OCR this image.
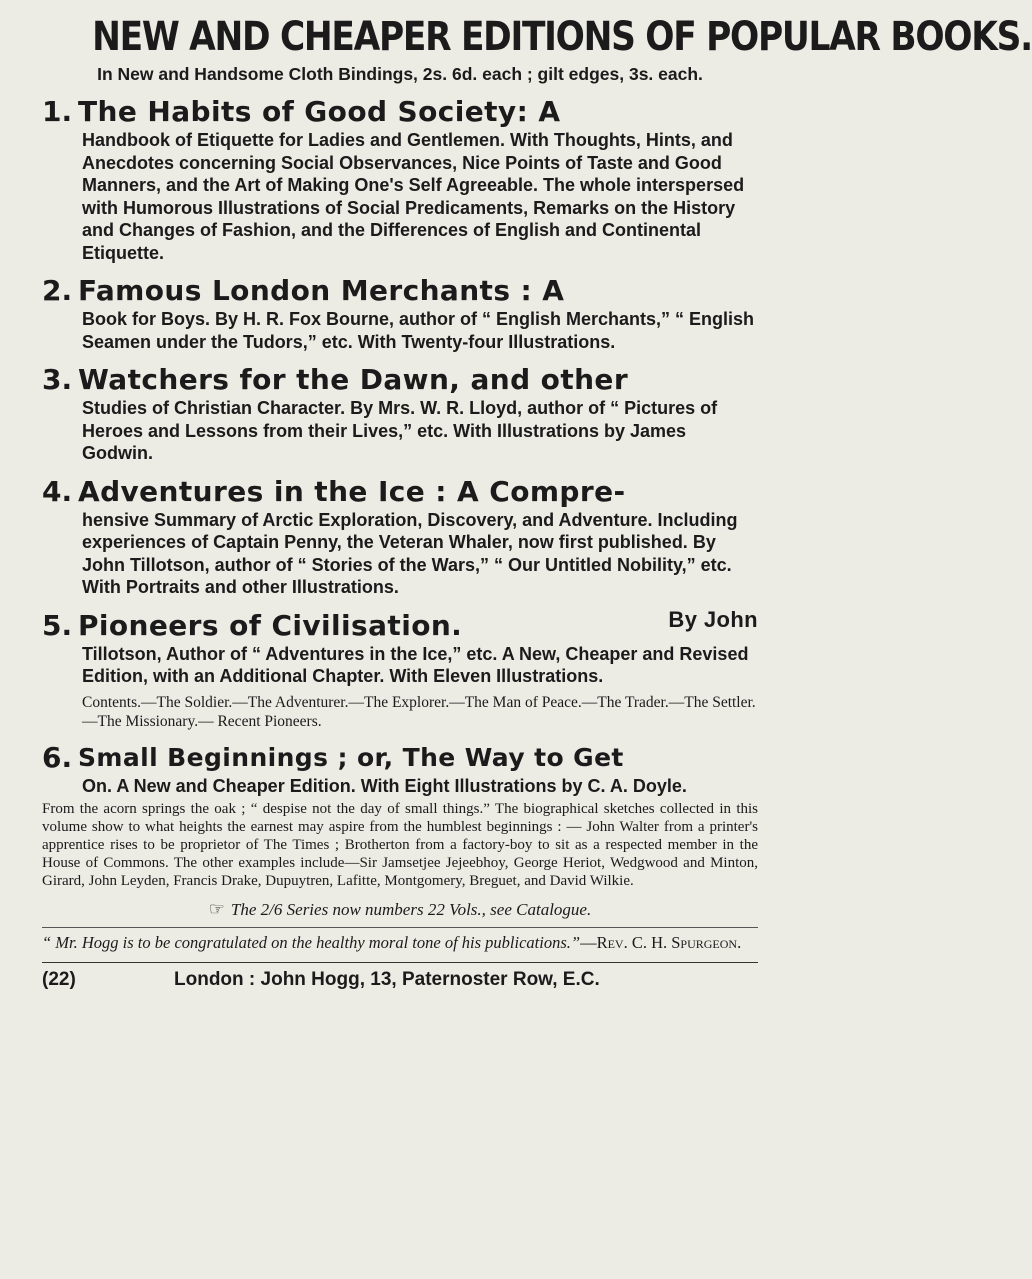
NEW AND CHEAPER EDITIONS OF POPULAR BOOKS.
In New and Handsome Cloth Bindings, 2s. 6d. each ; gilt edges, 3s. each.
1. The Habits of Good Society: A
Handbook of Etiquette for Ladies and Gentlemen. With Thoughts, Hints, and Anecdotes concerning Social Observances, Nice Points of Taste and Good Manners, and the Art of Making One's Self Agreeable. The whole interspersed with Humorous Illustrations of Social Predicaments, Remarks on the History and Changes of Fashion, and the Differences of English and Continental Etiquette.
2. Famous London Merchants : A
Book for Boys. By H. R. Fox Bourne, author of “ English Merchants,” “ English Seamen under the Tudors,” etc. With Twenty-four Illustrations.
3. Watchers for the Dawn, and other
Studies of Christian Character. By Mrs. W. R. Lloyd, author of “ Pictures of Heroes and Lessons from their Lives,” etc. With Illustrations by James Godwin.
4. Adventures in the Ice : A Compre-
hensive Summary of Arctic Exploration, Discovery, and Adventure. Including experiences of Captain Penny, the Veteran Whaler, now first published. By John Tillotson, author of “ Stories of the Wars,” “ Our Untitled Nobility,” etc. With Portraits and other Illustrations.
5. Pioneers of Civilisation.	By John
Tillotson, Author of “ Adventures in the Ice,” etc. A New, Cheaper and Revised Edition, with an Additional Chapter. With Eleven Illustrations.
Contents.—The Soldier.—The Adventurer.—The Explorer.—The Man of Peace.—The Trader.—The Settler.—The Missionary.— Recent Pioneers.
6. Small Beginnings ; or, The Way to Get
On. A New and Cheaper Edition. With Eight Illustrations by C. A. Doyle.
From the acorn springs the oak ; “ despise not the day of small things.” The biographical sketches collected in this volume show to what heights the earnest may aspire from the humblest beginnings : — John Walter from a printer's apprentice rises to be proprietor of The Times ; Brotherton from a factory-boy to sit as a respected member in the House of Commons. The other examples include—Sir Jamsetjee Jejeebhoy, George Heriot, Wedgwood and Minton, Girard, John Leyden, Francis Drake, Dupuytren, Lafitte, Montgomery, Breguet, and David Wilkie.
☞ The 2/6 Series now numbers 22 Vols., see Catalogue.
“ Mr. Hogg is to be congratulated on the healthy moral tone of his publications.”—Rev. C. H. Spurgeon.
(22)	London : John Hogg, 13, Paternoster Row, E.C.
